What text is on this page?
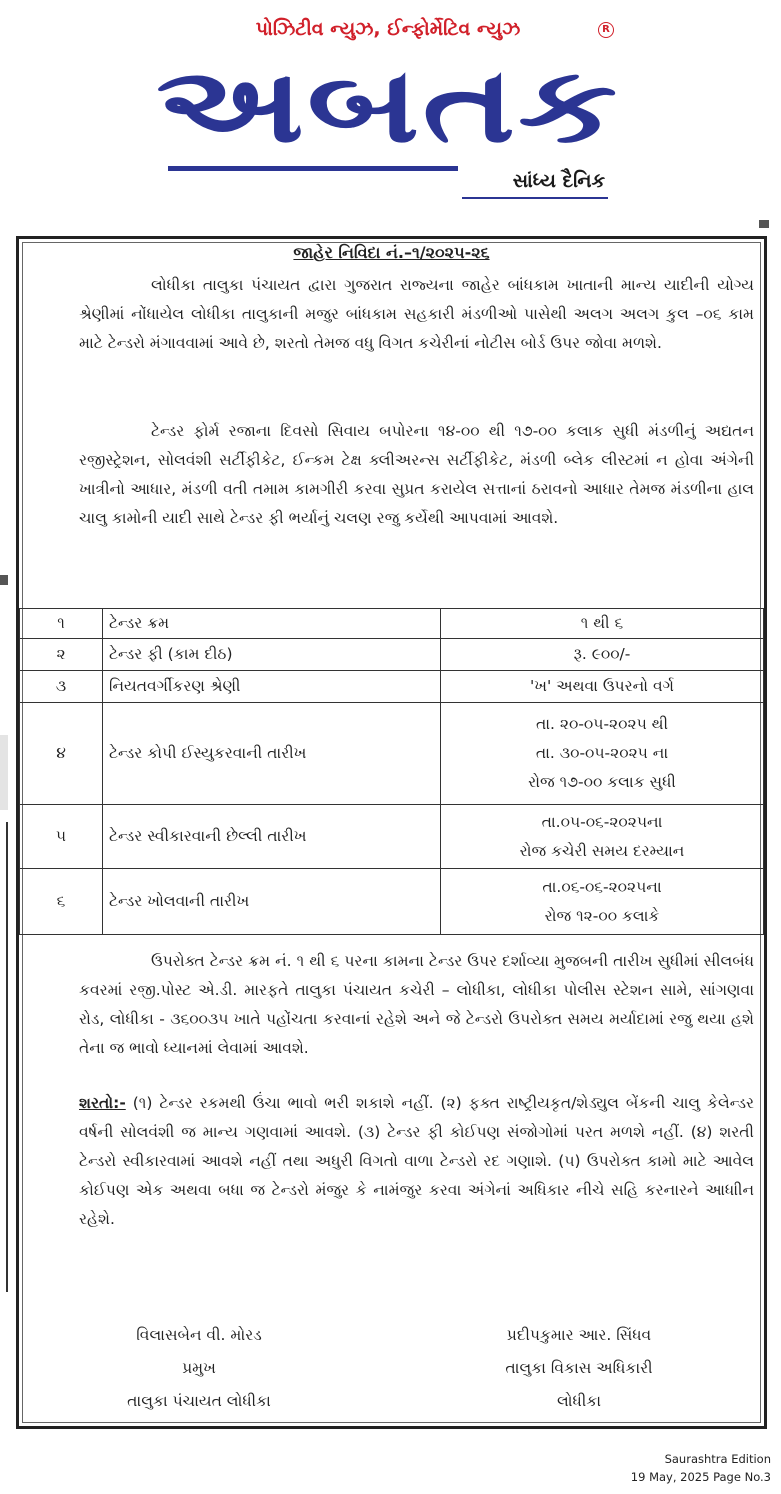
પોઝિટીવ ન્યુઝ, ઈન્ફોર્મેટિવ ન્યુઝ	R
અબતક
સાંધ્ય દૈનિક
જાહેર નિવિદા નં.–૧/૨૦૨૫-૨૬
લોધીકા તાલુકા પંચાયત દ્વારા ગુજરાત રાજ્યના જાહેર બાંધકામ ખાતાની માન્ય યાદીની યોગ્ય શ્રેણીમાં નોંધાયેલ લોધીકા તાલુકાની મજુર બાંધકામ સહકારી મંડળીઓ પાસેથી અલગ અલગ કુલ –૦૬ કામ માટે ટેન્ડરો મંગાવવામાં આવે છે, શરતો તેમજ વધુ વિગત કચેરીનાં નોટીસ બોર્ડ ઉપર જોવા મળશે.
ટેન્ડર ફોર્મ રજાના દિવસો સિવાય બપોરના ૧૪-૦૦ થી ૧૭-૦૦ કલાક સુધી મંડળીનું અદ્યતન રજીસ્ટ્રેશન, સોલવંશી સર્ટીફીકેટ, ઈન્કમ ટેક્ષ ક્લીઅરન્સ સર્ટીફીકેટ, મંડળી બ્લેક લીસ્ટમાં ન હોવા અંગેની ખાત્રીનો આધાર, મંડળી વતી તમામ કામગીરી કરવા સુપ્રત કરાયેલ સત્તાનાં ઠરાવનો આધાર તેમજ મંડળીના હાલ ચાલુ કામોની યાદી સાથે ટેન્ડર ફી ભર્યાનું ચલણ રજુ કર્યેથી આપવામાં આવશે.
૧	ટેન્ડર ક્રમ	૧ થી ૬
૨	ટેન્ડર ફી (કામ દીઠ)	રૂ. ૯૦૦/-
૩	નિયતવર્ગીકરણ શ્રેણી	'ખ' અથવા ઉપરનો વર્ગ
૪	ટેન્ડર કોપી ઈસ્યુકરવાની તારીખ	તા. ૨૦-૦૫-૨૦૨૫ થી
તા. ૩૦-૦૫-૨૦૨૫ ના
રોજ ૧૭-૦૦ કલાક સુધી

૫	ટેન્ડર સ્વીકારવાની છેલ્લી તારીખ	તા.૦૫-૦૬-૨૦૨૫ના
રોજ કચેરી સમય દરમ્યાન

૬	ટેન્ડર ખોલવાની તારીખ	તા.૦૬-૦૬-૨૦૨૫ના
રોજ ૧૨-૦૦ કલાકે
ઉપરોક્ત ટેન્ડર ક્રમ નં. ૧ થી ૬ પરના કામના ટેન્ડર ઉપર દર્શાવ્યા મુજબની તારીખ સુધીમાં સીલબંધ કવરમાં રજી.પોસ્ટ એ.ડી. મારફતે તાલુકા પંચાયત કચેરી – લોધીકા, લોધીકા પોલીસ સ્ટેશન સામે, સાંગણવા રોડ, લોધીકા - ૩૬૦૦૩૫ ખાતે પહોંચતા કરવાનાં રહેશે અને જે ટેન્ડરો ઉપરોક્ત સમય મર્યાદામાં રજુ થયા હશે તેના જ ભાવો ધ્યાનમાં લેવામાં આવશે.
શરતો:- (૧) ટેન્ડર રકમથી ઉંચા ભાવો ભરી શકાશે નહીં. (૨) ફક્ત રાષ્ટ્રીયકૃત/શેડ્યુલ બેંકની ચાલુ કેલેન્ડર વર્ષની સોલવંશી જ માન્ય ગણવામાં આવશે. (૩) ટેન્ડર ફી કોઈપણ સંજોગોમાં પરત મળશે નહીં. (૪) શરતી ટેન્ડરો સ્વીકારવામાં આવશે નહીં તથા અધુરી વિગતો વાળા ટેન્ડરો રદ ગણાશે. (૫) ઉપરોક્ત કામો માટે આવેલ કોઈપણ એક અથવા બધા જ ટેન્ડરો મંજુર કે નામંજુર કરવા અંગેનાં અધિકાર નીચે સહિ કરનારને આધાીન રહેશે.
વિલાસબેન વી. મોરડ
પ્રમુખ
તાલુકા પંચાયત લોધીકા
પ્રદીપકુમાર આર. સિંધવ
તાલુકા વિકાસ અધિકારી
લોધીકા
Saurashtra Edition
19 May, 2025 Page No.3
